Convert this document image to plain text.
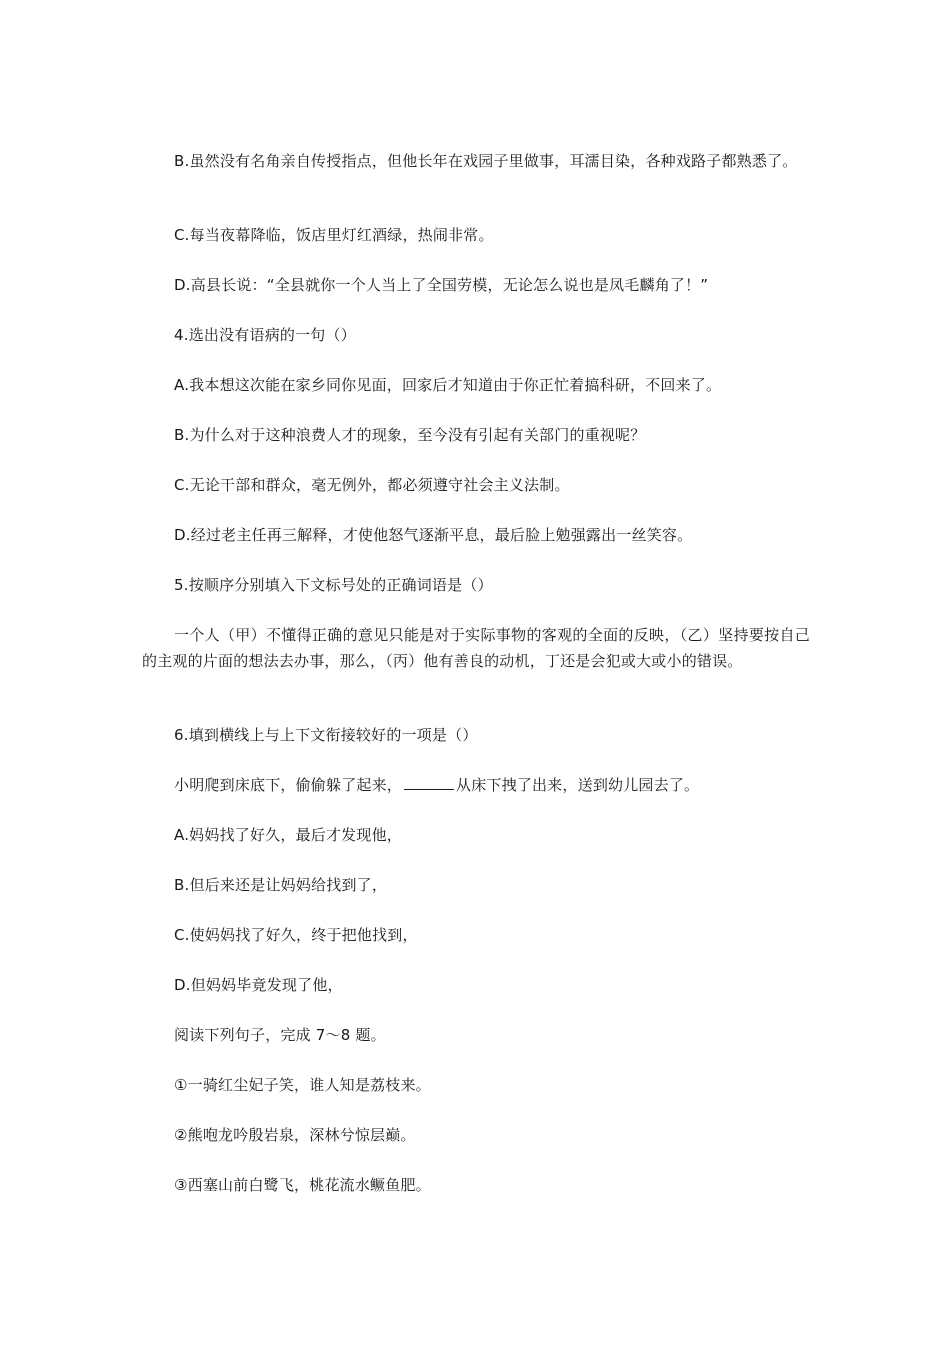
B.虽然没有名角亲自传授指点，但他长年在戏园子里做事，耳濡目染，各种戏路子都熟悉了。
C.每当夜幕降临，饭店里灯红酒绿，热闹非常。
D.高县长说：“全县就你一个人当上了全国劳模，无论怎么说也是凤毛麟角了！”
4.选出没有语病的一句（）
A.我本想这次能在家乡同你见面，回家后才知道由于你正忙着搞科研，不回来了。
B.为什么对于这种浪费人才的现象，至今没有引起有关部门的重视呢？
C.无论干部和群众，毫无例外，都必须遵守社会主义法制。
D.经过老主任再三解释，才使他怒气逐渐平息，最后脸上勉强露出一丝笑容。
5.按顺序分别填入下文标号处的正确词语是（）
一个人（甲）不懂得正确的意见只能是对于实际事物的客观的全面的反映，（乙）坚持要按自己的主观的片面的想法去办事，那么，（丙）他有善良的动机，丁还是会犯或大或小的错误。
6.填到横线上与上下文衔接较好的一项是（）
小明爬到床底下，偷偷躲了起来，	从床下拽了出来，送到幼儿园去了。
A.妈妈找了好久，最后才发现他，
B.但后来还是让妈妈给找到了，
C.使妈妈找了好久，终于把他找到，
D.但妈妈毕竟发现了他，
阅读下列句子，完成 7～8 题。
①一骑红尘妃子笑，谁人知是荔枝来。
②熊咆龙吟殷岩泉，深林兮惊层巅。
③西塞山前白鹭飞，桃花流水鳜鱼肥。
